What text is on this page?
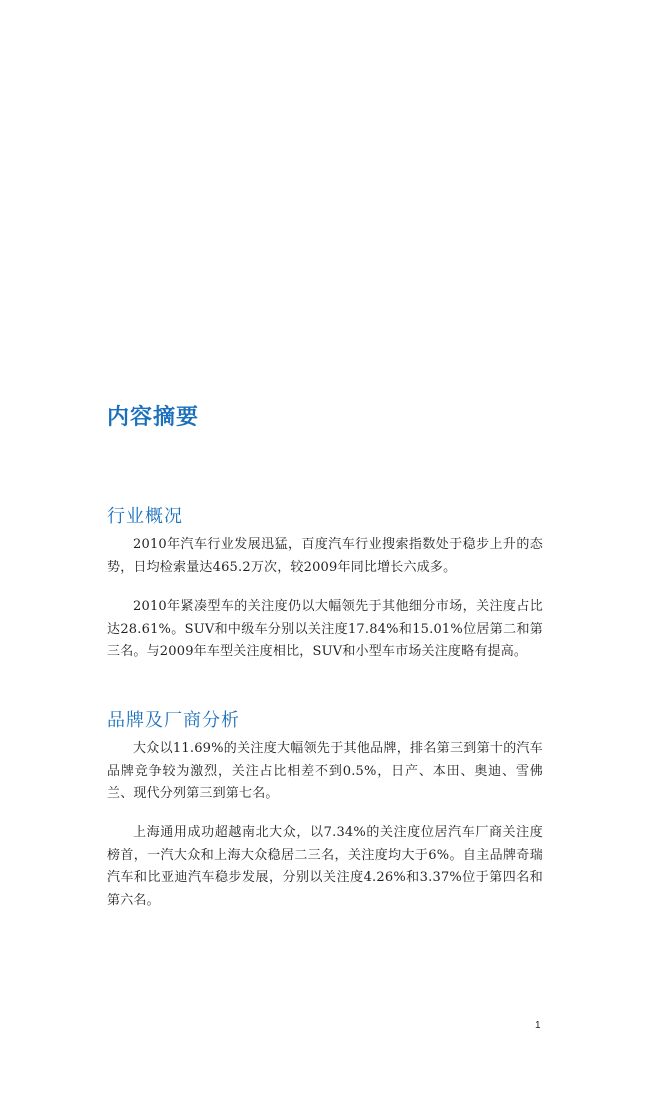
内容摘要
行业概况

2010年汽车行业发展迅猛，百度汽车行业搜索指数处于稳步上升的态势，日均检索量达465.2万次，较2009年同比增长六成多。

2010年紧凑型车的关注度仍以大幅领先于其他细分市场，关注度占比达28.61%。SUV和中级车分别以关注度17.84%和15.01%位居第二和第三名。与2009年车型关注度相比，SUV和小型车市场关注度略有提高。

品牌及厂商分析

大众以11.69%的关注度大幅领先于其他品牌，排名第三到第十的汽车品牌竞争较为激烈，关注占比相差不到0.5%，日产、本田、奥迪、雪佛兰、现代分列第三到第七名。

上海通用成功超越南北大众，以7.34%的关注度位居汽车厂商关注度榜首，一汽大众和上海大众稳居二三名，关注度均大于6%。自主品牌奇瑞汽车和比亚迪汽车稳步发展，分别以关注度4.26%和3.37%位于第四名和第六名。

1
